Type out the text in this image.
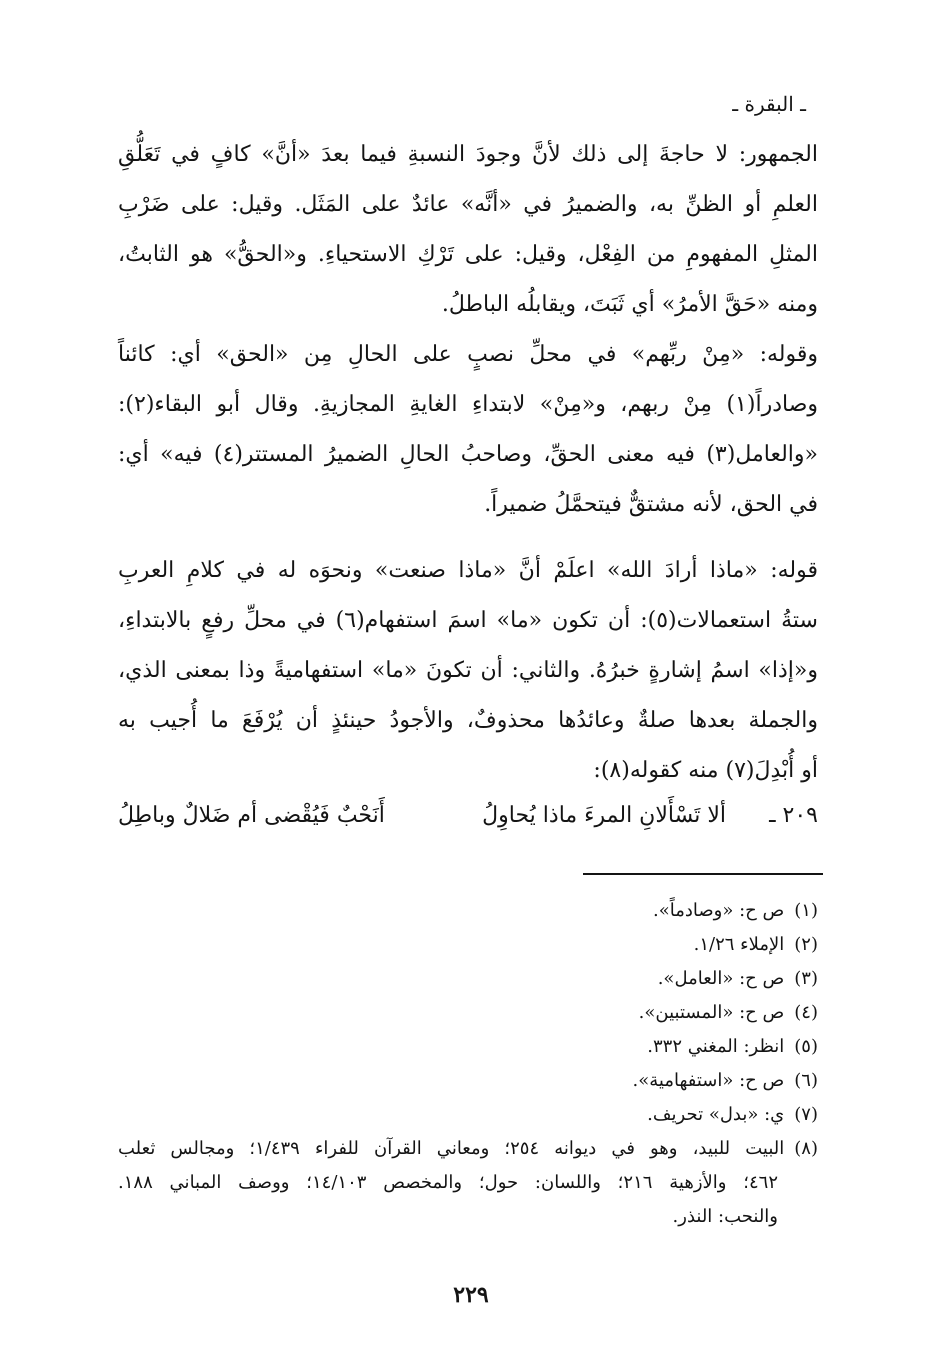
ـ البقرة ـ

الجمهور: لا حاجةَ إلى ذلك لأنَّ وجودَ النسبةِ فيما بعدَ «أنَّ» كافٍ في تَعَلُّقِ

العلمِ أو الظنِّ به، والضميرُ في «أنَّه» عائدٌ على المَثَل. وقيل: على ضَرْبِ

المثلِ المفهومِ من الفِعْل، وقيل: على تَرْكِ الاستحياءِ. و«الحقُّ» هو الثابتُ،

ومنه «حَقَّ الأمرُ» أي ثَبَتَ، ويقابلُه الباطلُ.

وقوله: «مِنْ ربِّهم» في محلِّ نصبٍ على الحالِ مِن «الحق» أي: كائناً

وصادراً(١) مِنْ ربهم، و«مِنْ» لابتداءِ الغايةِ المجازيةِ. وقال أبو البقاء(٢):

«والعامل(٣) فيه معنى الحقِّ، وصاحبُ الحالِ الضميرُ المستتر(٤) فيه» أي:

في الحق، لأنه مشتقٌّ فيتحمَّلُ ضميراً.

قوله: «ماذا أرادَ الله» اعلَمْ أنَّ «ماذا صنعت» ونحوَه له في كلامِ العربِ

ستةُ استعمالات(٥): أن تكون «ما» اسمَ استفهام(٦) في محلِّ رفعٍ بالابتداءِ،

و«إذا» اسمُ إشارةٍ خبرُهُ. والثاني: أن تكونَ «ما» استفهاميةً وذا بمعنى الذي،

والجملة بعدها صلةٌ وعائدُها محذوفٌ، والأجودُ حينئذٍ أن يُرْفَعَ ما أُجيب به

أو أُبْدِلَ(٧) منه كقوله(٨):

٢٠٩ ـ
ألا تَسْأَلانِ المرءَ ماذا يُحاوِلُ
أَنَحْبٌ فَيُقْضى أم ضَلالٌ وباطِلُ
(١)
ص ح: «وصادماً».
(٢)
الإملاء ١/٢٦.
(٣)
ص ح: «العامل».
(٤)
ص ح: «المستبين».
(٥)
انظر: المغني ٣٣٢.
(٦)
ص ح: «استفهامية».
(٧)
ي: «بدل» تحريف.
(٨)
البيت للبيد، وهو في ديوانه ٢٥٤؛ ومعاني القرآن للفراء ١/٤٣٩؛ ومجالس ثعلب
٤٦٢؛ والأزهية ٢١٦؛ واللسان: حول؛ والمخصص ١٤/١٠٣؛ ووصف المباني ١٨٨.
والنحب: النذر.
٢٢٩
